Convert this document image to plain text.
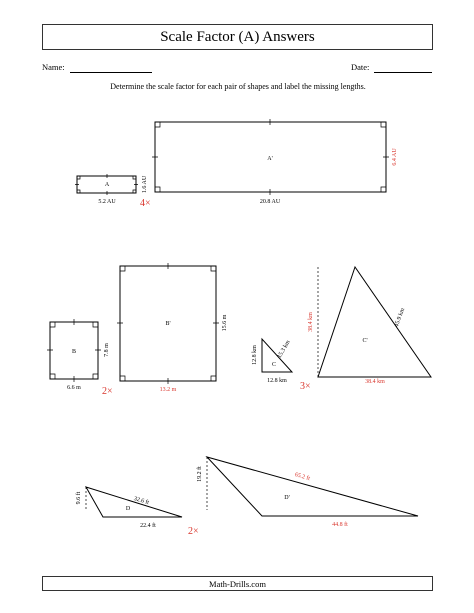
Scale Factor (A) Answers
Name:	Date:
Determine the scale factor for each pair of shapes and label the missing lengths.
A
5.2 AU
1.6 AU
A'
20.8 AU
6.4 AU
B
6.6 m
7.8 m
B'
13.2 m
15.6 m
C
12.8 km	15.3 km
12.8 km
C'
38.4 km	45.9 km
38.4 km
D
9.6 ft	32.6 ft
22.4 ft
D'
19.2 ft	65.2 ft
44.8 ft
4×
2×	3×
2×
Math-Drills.com
